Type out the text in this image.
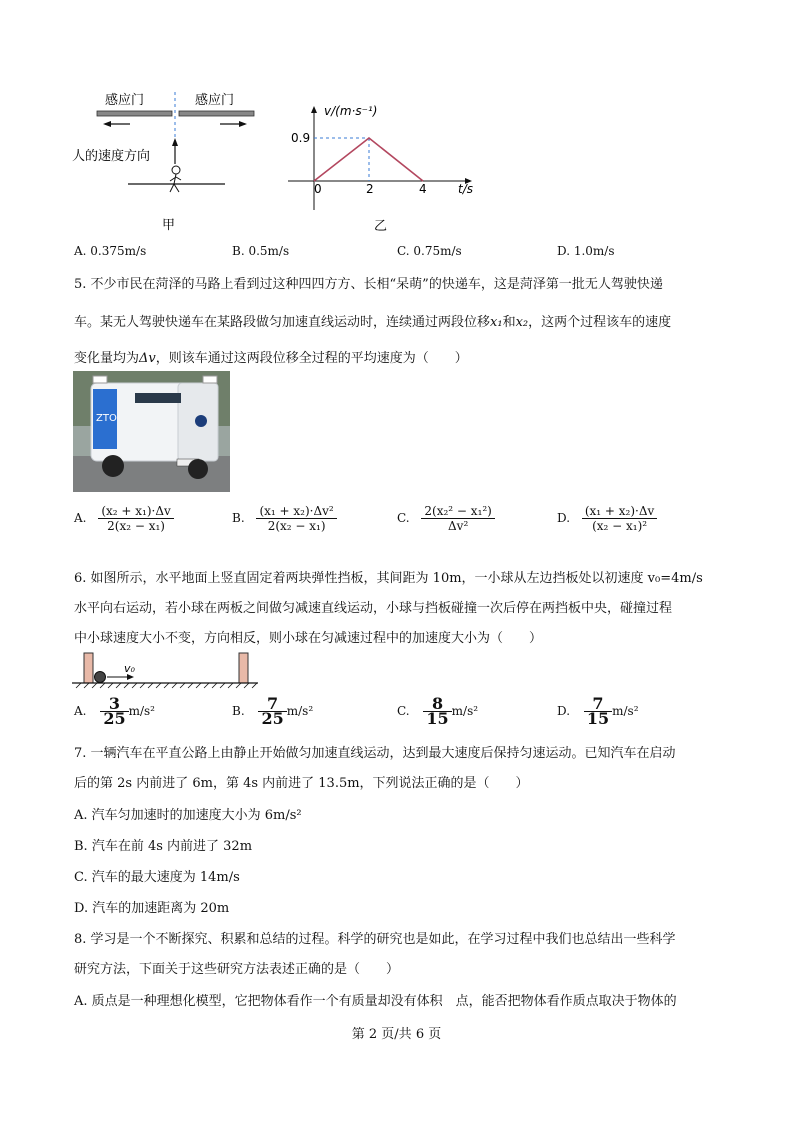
感应门	感应门
人的速度方向
甲
v/(m·s⁻¹)
t/s
0.9
0	2	4
乙
A. 0.375m/s	B. 0.5m/s	C. 0.75m/s	D. 1.0m/s
5. 不少市民在菏泽的马路上看到过这种四四方方、长相“呆萌”的快递车，这是菏泽第一批无人驾驶快递
车。某无人驾驶快递车在某路段做匀加速直线运动时，连续通过两段位移x₁和x₂，这两个过程该车的速度
变化量均为Δv，则该车通过这两段位移全过程的平均速度为（　　）
ZTO
A. $\frac{\text{(x₂ + x₁)·Δv}}{\text{2(x₂ − x₁)}}$	B. $\frac{\text{(x₁ + x₂)·Δv²}}{\text{2(x₂ − x₁)}}$	C. $\frac{\text{2(x₂² − x₁²)}}{\text{Δv²}}$	D. $\frac{\text{(x₁ + x₂)·Δv}}{\text{(x₂ − x₁)²}}$
6. 如图所示，水平地面上竖直固定着两块弹性挡板，其间距为 10m，一小球从左边挡板处以初速度 v₀=4m/s
水平向右运动，若小球在两板之间做匀减速直线运动，小球与挡板碰撞一次后停在两挡板中央，碰撞过程
中小球速度大小不变，方向相反，则小球在匀减速过程中的加速度大小为（　　）
v₀
A. $\frac{3}{25} m/s^2$	B. $\frac{7}{25} m/s^2$	C. $\frac{8}{15} m/s^2$	D. $\frac{7}{15} m/s^2$
7. 一辆汽车在平直公路上由静止开始做匀加速直线运动，达到最大速度后保持匀速运动。已知汽车在启动
后的第 2s 内前进了 6m，第 4s 内前进了 13.5m，下列说法正确的是（　　）
A. 汽车匀加速时的加速度大小为 6m/s²
B. 汽车在前 4s 内前进了 32m
C. 汽车的最大速度为 14m/s
D. 汽车的加速距离为 20m
8. 学习是一个不断探究、积累和总结的过程。科学的研究也是如此，在学习过程中我们也总结出一些科学
研究方法，下面关于这些研究方法表述正确的是（　　）
A. 质点是一种理想化模型，它把物体看作一个有质量却没有体积　点，能否把物体看作质点取决于物体的
第 2 页/共 6 页
